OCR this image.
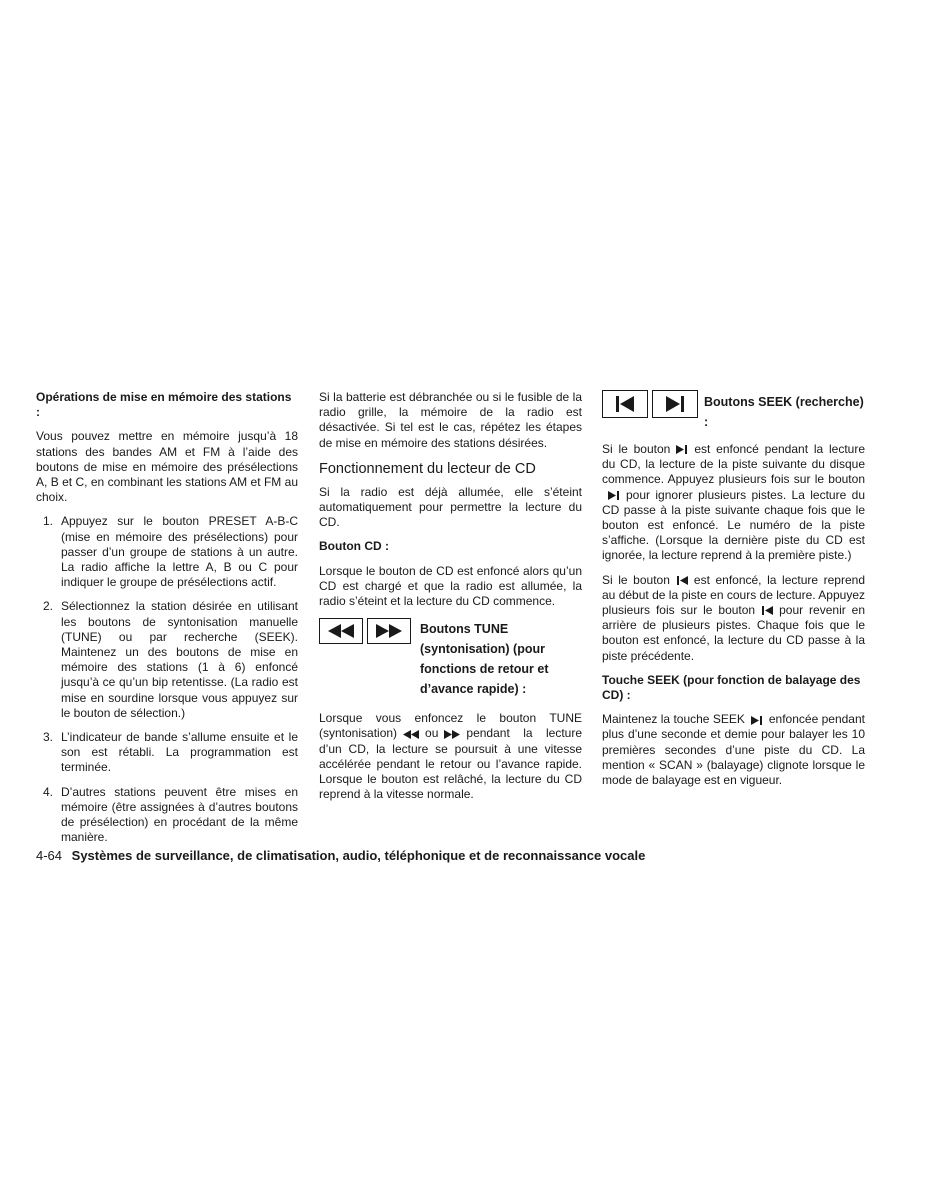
Opérations de mise en mémoire des stations :

Vous pouvez mettre en mémoire jusqu’à 18 stations des bandes AM et FM à l’aide des boutons de mise en mémoire des présélections A, B et C, en combinant les stations AM et FM au choix.

1. Appuyez sur le bouton PRESET A-B-C (mise en mémoire des présélections) pour passer d’un groupe de stations à un autre. La radio affiche la lettre A, B ou C pour indiquer le groupe de présélections actif.
2. Sélectionnez la station désirée en utilisant les boutons de syntonisation manuelle (TUNE) ou par recherche (SEEK). Maintenez un des boutons de mise en mémoire des stations (1 à 6) enfoncé jusqu’à ce qu’un bip retentisse. (La radio est mise en sourdine lorsque vous appuyez sur le bouton de sélection.)
3. L’indicateur de bande s’allume ensuite et le son est rétabli. La programmation est terminée.
4. D’autres stations peuvent être mises en mémoire (être assignées à d’autres boutons de présélection) en procédant de la même manière.

Si la batterie est débranchée ou si le fusible de la radio grille, la mémoire de la radio est désactivée. Si tel est le cas, répétez les étapes de mise en mémoire des stations désirées.

Fonctionnement du lecteur de CD

Si la radio est déjà allumée, elle s’éteint automatiquement pour permettre la lecture du CD.

Bouton CD :

Lorsque le bouton de CD est enfoncé alors qu’un CD est chargé et que la radio est allumée, la radio s’éteint et la lecture du CD commence.

Boutons TUNE (syntonisation) (pour fonctions de retour et d’avance rapide) :

Lorsque vous enfoncez le bouton TUNE (syntonisation) ou pendant la lecture d’un CD, la lecture se poursuit à une vitesse accélérée pendant le retour ou l’avance rapide. Lorsque le bouton est relâché, la lecture du CD reprend à la vitesse normale.

Boutons SEEK (recherche) :

Si le bouton est enfoncé pendant la lecture du CD, la lecture de la piste suivante du disque commence. Appuyez plusieurs fois sur le boutonpour ignorer plusieurs pistes. La lecture du CD passe à la piste suivante chaque fois que le bouton est enfoncé. Le numéro de la piste s’affiche. (Lorsque la dernière piste du CD est ignorée, la lecture reprend à la première piste.)

Si le bouton est enfoncé, la lecture reprend au début de la piste en cours de lecture. Appuyez plusieurs fois sur le bouton pour revenir en arrière de plusieurs pistes. Chaque fois que le bouton est enfoncé, la lecture du CD passe à la piste précédente.

Touche SEEK (pour fonction de balayage des CD) :

Maintenez la touche SEEK enfoncée pendant plus d’une seconde et demie pour balayer les 10 premières secondes d’une piste du CD. La mention « SCAN » (balayage) clignote lorsque le mode de balayage est en vigueur.

4-64 Systèmes de surveillance, de climatisation, audio, téléphonique et de reconnaissance vocale
